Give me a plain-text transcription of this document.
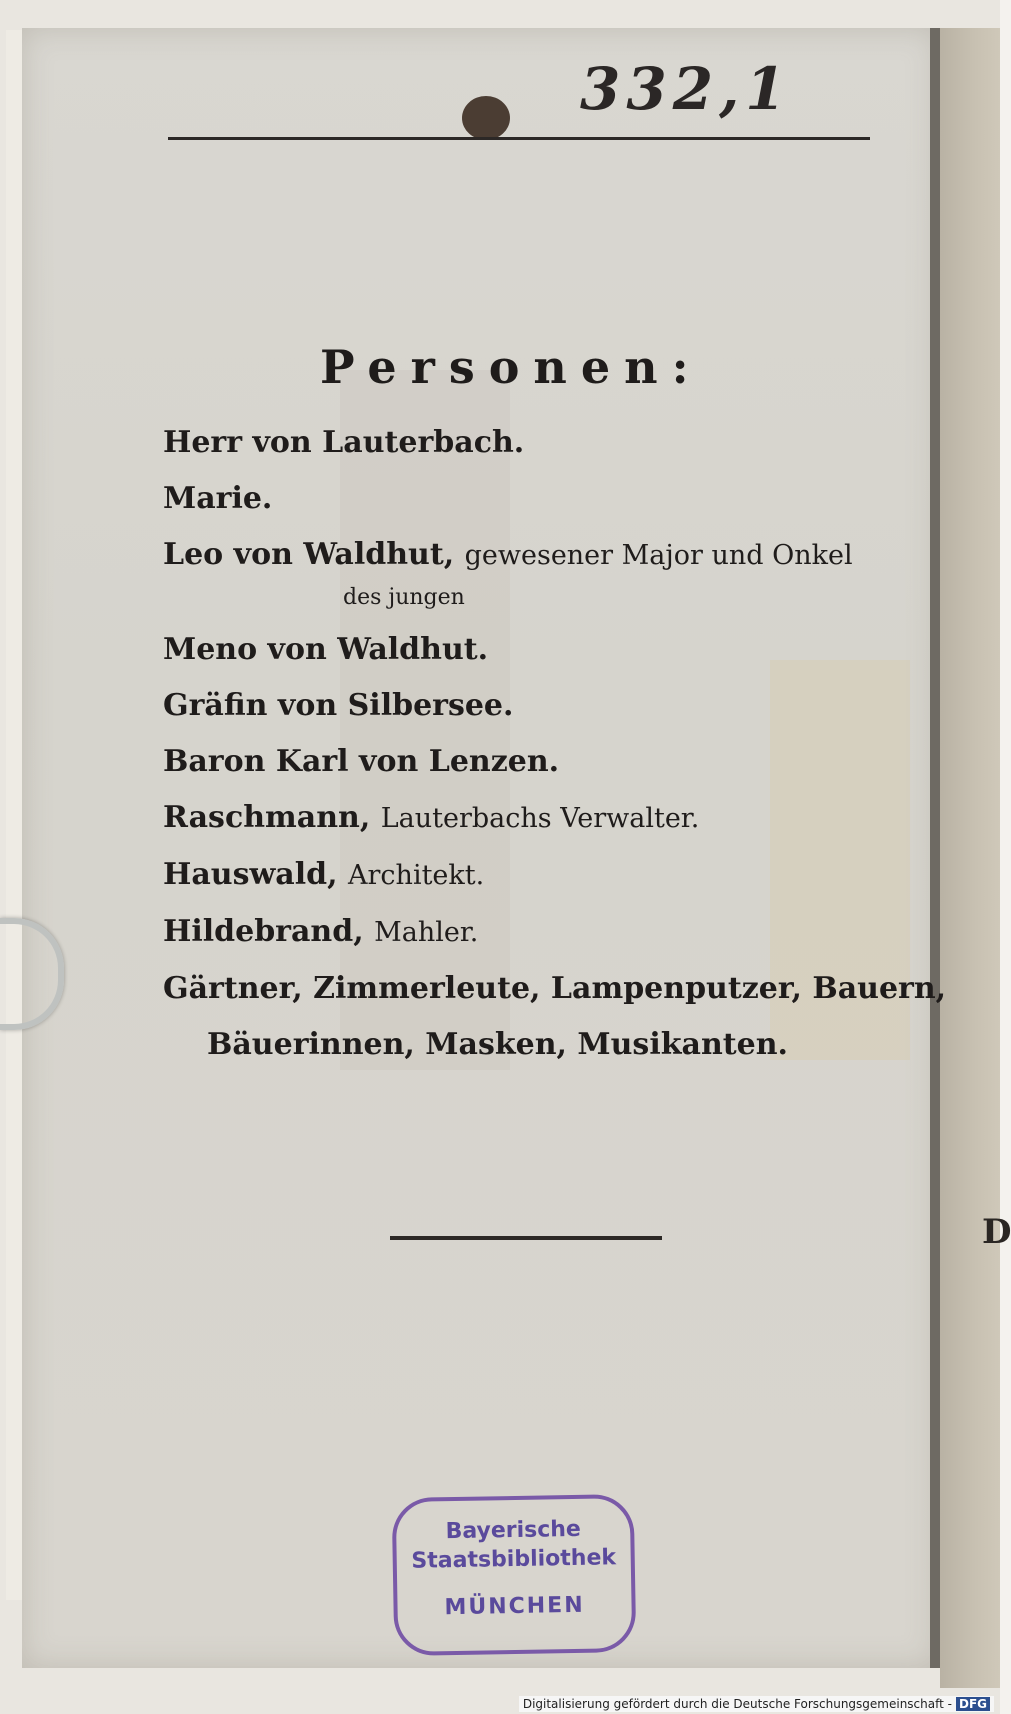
D
332,1
Personen:
Herr von Lauterbach.
Marie.
Leo von Waldhut, gewesener Major und Onkel
des jungen
Meno von Waldhut.
Gräfin von Silbersee.
Baron Karl von Lenzen.
Raschmann, Lauterbachs Verwalter.
Hauswald, Architekt.
Hildebrand, Mahler.
Gärtner, Zimmerleute, Lampenputzer, Bauern,
Bäuerinnen, Masken, Musikanten.
Bayerische
Staatsbibliothek
MÜNCHEN
Digitalisierung gefördert durch die Deutsche Forschungsgemeinschaft - DFG
